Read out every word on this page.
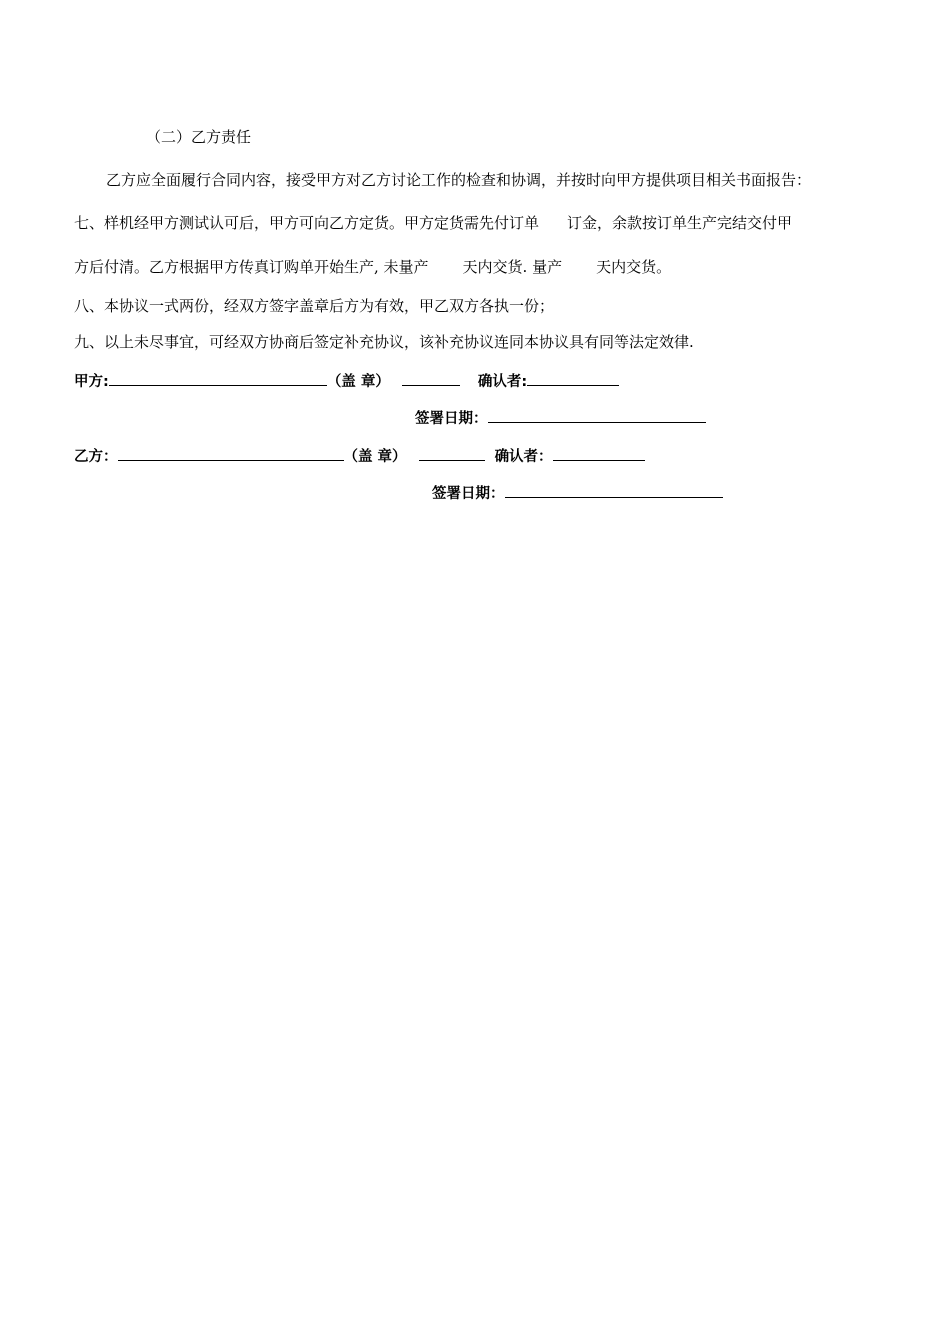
（二）乙方责任
乙方应全面履行合同内容，接受甲方对乙方讨论工作的检查和协调，并按时向甲方提供项目相关书面报告：
七、样机经甲方测试认可后，甲方可向乙方定货。甲方定货需先付订单 订金，余款按订单生产完结交付甲
方后付清。乙方根据甲方传真订购单开始生产, 未量产 天内交货. 量产 天内交货。
八、本协议一式两份，经双方签字盖章后方为有效，甲乙双方各执一份；
九、以上未尽事宜，可经双方协商后签定补充协议，该补充协议连同本协议具有同等法定效律.
甲方:	（盖 章）	确认者:
签署日期：
乙方：	（盖 章）	确认者：
签署日期：
